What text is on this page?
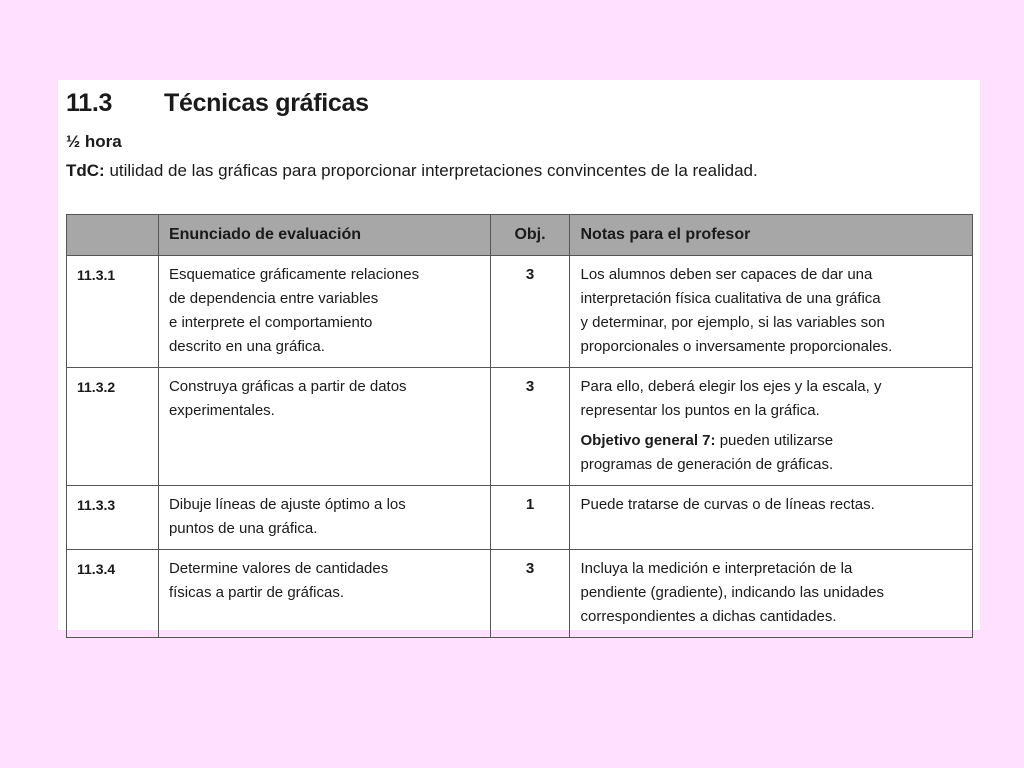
11.3	Técnicas gráficas
½ hora
TdC: utilidad de las gráficas para proporcionar interpretaciones convincentes de la realidad.
	Enunciado de evaluación	Obj.	Notas para el profesor
11.3.1	Esquematice gráficamente relaciones
de dependencia entre variables
e interprete el comportamiento
descrito en una gráfica.	3	Los alumnos deben ser capaces de dar una
interpretación física cualitativa de una gráfica
y determinar, por ejemplo, si las variables son
proporcionales o inversamente proporcionales.

11.3.2	Construya gráficas a partir de datos
experimentales.	3	Para ello, deberá elegir los ejes y la escala, y
representar los puntos en la gráfica.
Objetivo general 7: pueden utilizarse
programas de generación de gráficas.

11.3.3	Dibuje líneas de ajuste óptimo a los
puntos de una gráfica.	1	Puede tratarse de curvas o de líneas rectas.

11.3.4	Determine valores de cantidades
físicas a partir de gráficas.	3	Incluya la medición e interpretación de la
pendiente (gradiente), indicando las unidades
correspondientes a dichas cantidades.
